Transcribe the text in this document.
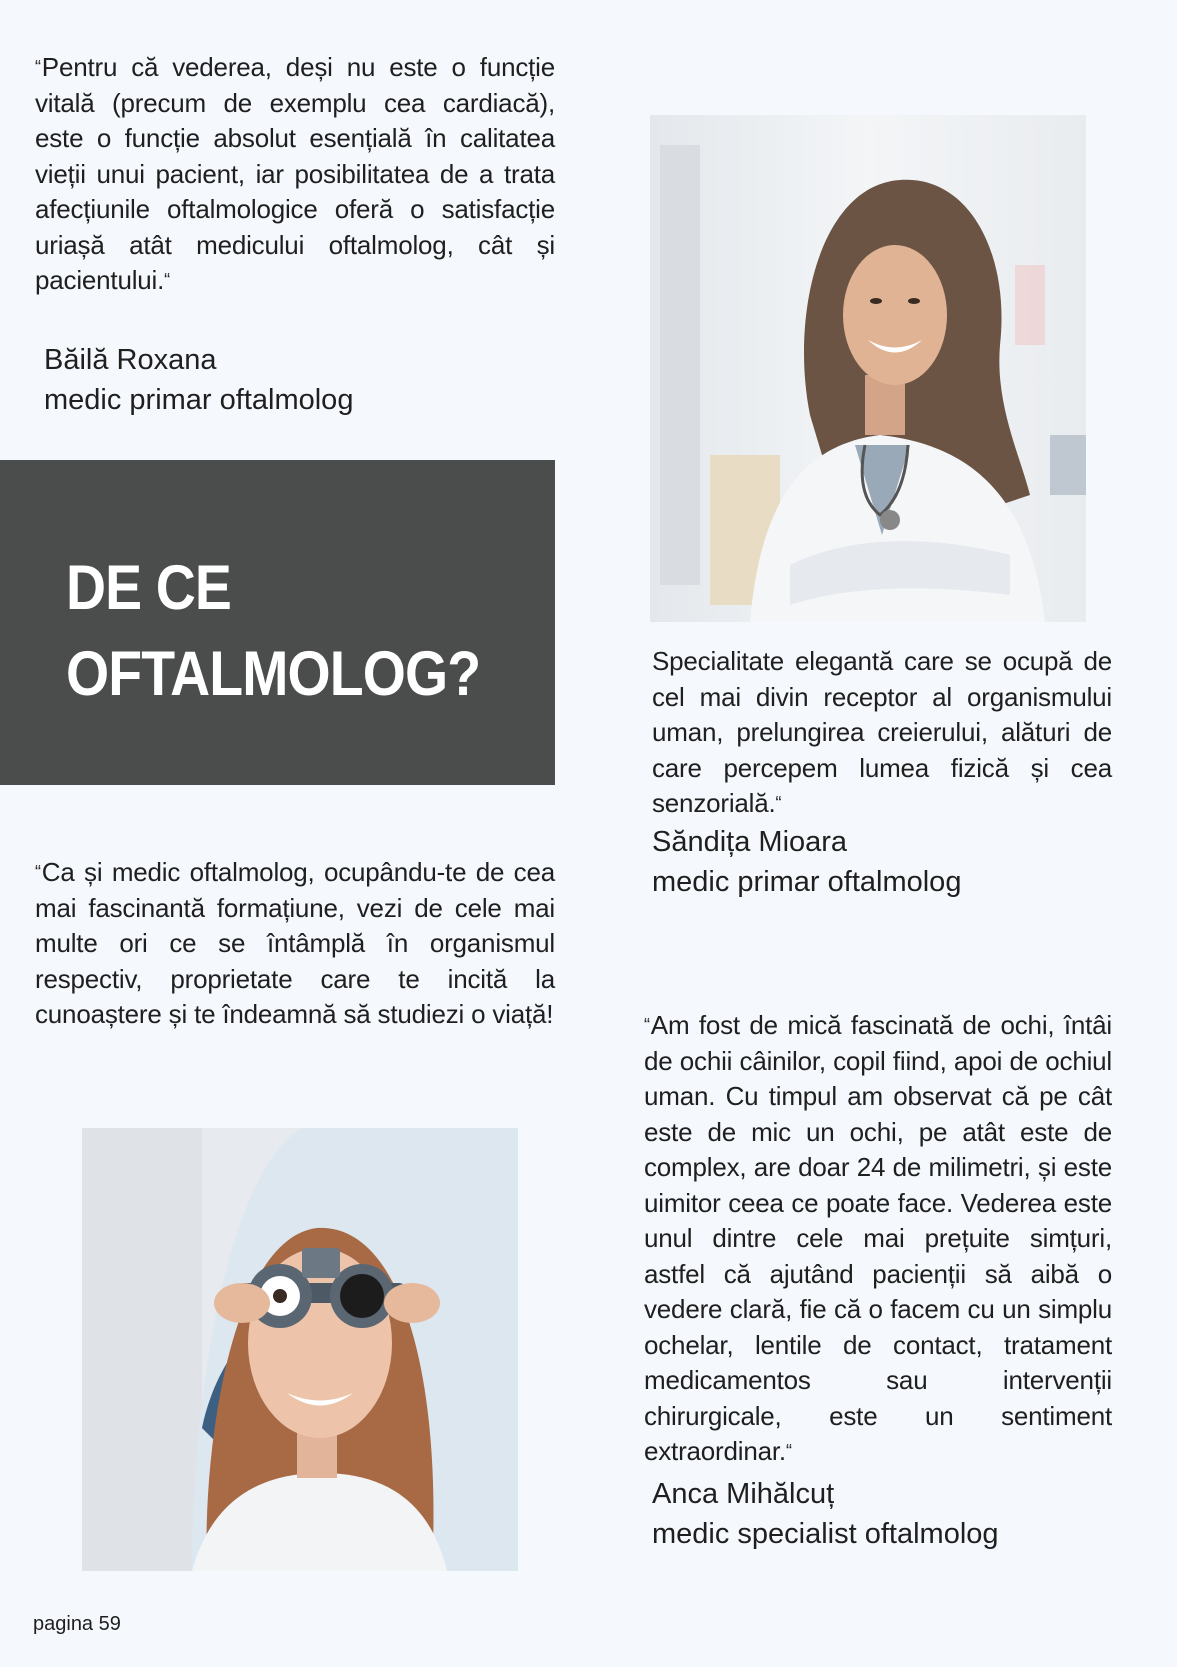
“Pentru că vederea, deși nu este o funcție vitală (precum de exemplu cea cardiacă), este o funcție absolut esențială în calitatea vieții unui pacient, iar posibilitatea de a trata afecțiunile oftalmologice oferă o satisfacție uriașă atât medicului oftalmolog, cât și pacientului.“
Băilă Roxana
medic primar oftalmolog
DE CE
OFTALMOLOG?
“Ca și medic oftalmolog, ocupându-te de cea mai fascinantă formațiune, vezi de cele mai multe ori ce se întâmplă în organismul respectiv, proprietate care te incită la cunoaștere și te îndeamnă să studiezi o viață!
Specialitate elegantă care se ocupă de cel mai divin receptor al organismului uman, prelungirea creierului, alături de care percepem lumea fizică și cea senzorială.“
Săndița Mioara
medic primar oftalmolog
“Am fost de mică fascinată de ochi, întâi de ochii câinilor, copil fiind, apoi de ochiul uman. Cu timpul am observat că pe cât este de mic un ochi, pe atât este de complex, are doar 24 de milimetri, și este uimitor ceea ce poate face. Vederea este unul dintre cele mai prețuite simțuri, astfel că ajutând pacienții să aibă o vedere clară, fie că o facem cu un simplu ochelar, lentile de contact, tratament medicamentos sau intervenții chirurgicale, este un sentiment extraordinar.“
Anca Mihălcuț
medic specialist oftalmolog
pagina 59
